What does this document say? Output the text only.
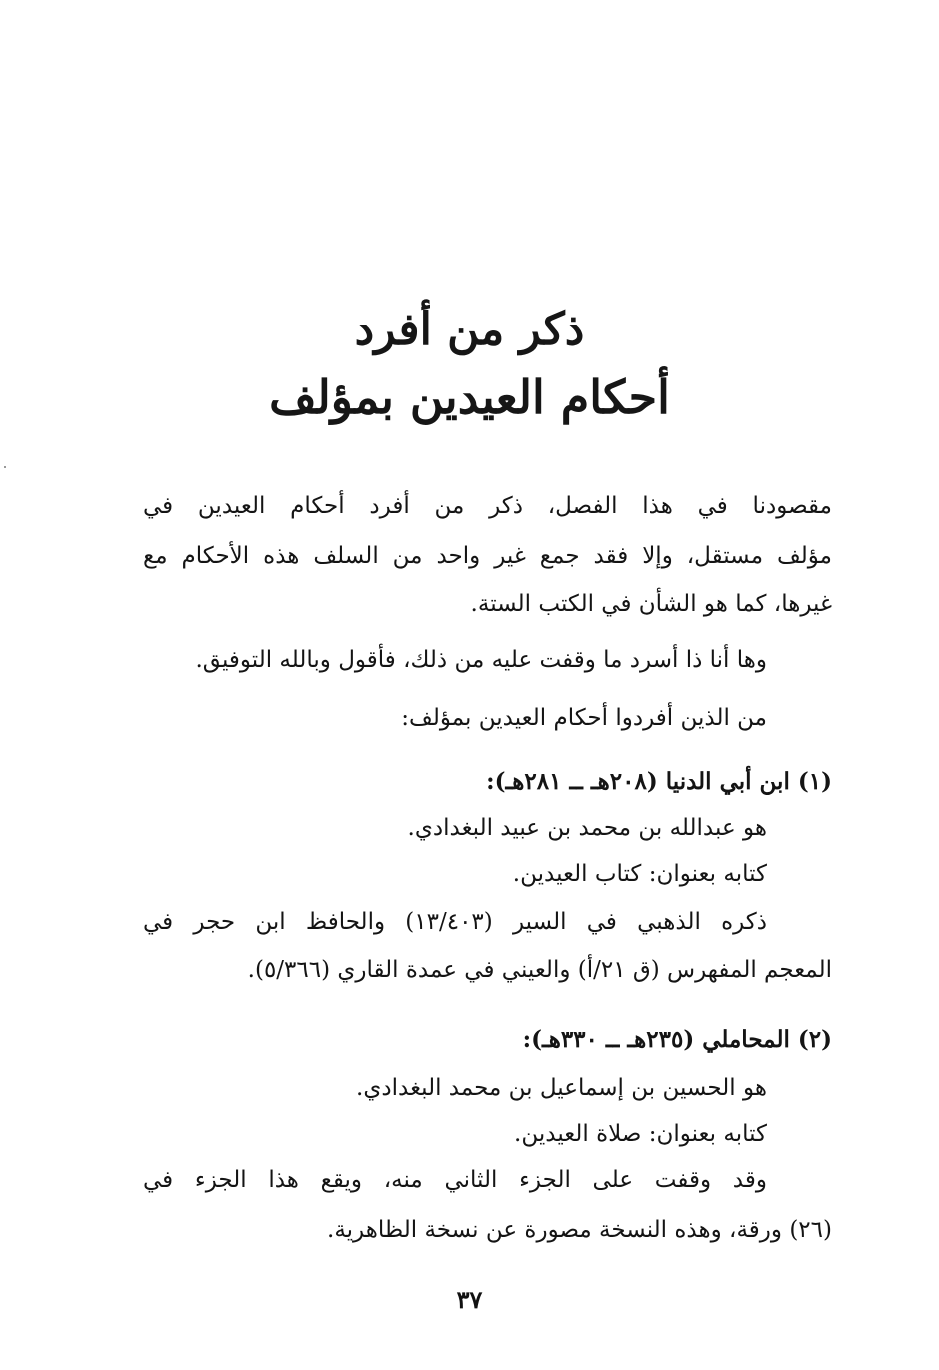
ذكر من أفرد
أحكام العيدين بمؤلف
مقصودنا في هذا الفصل، ذكر من أفرد أحكام العيدين في
مؤلف مستقل، وإلا فقد جمع غير واحد من السلف هذه الأحكام مع
غيرها، كما هو الشأن في الكتب الستة.
وها أنا ذا أسرد ما وقفت عليه من ذلك، فأقول وبالله التوفيق.
من الذين أفردوا أحكام العيدين بمؤلف:
(١) ابن أبي الدنيا (٢٠٨هـ ــ ٢٨١هـ):
هو عبدالله بن محمد بن عبيد البغدادي.
كتابه بعنوان: كتاب العيدين.
ذكره الذهبي في السير (١٣/٤٠٣) والحافظ ابن حجر في
المعجم المفهرس (ق ٢١/أ) والعيني في عمدة القاري (٥/٣٦٦).
(٢) المحاملي (٢٣٥هـ ــ ٣٣٠هـ):
هو الحسين بن إسماعيل بن محمد البغدادي.
كتابه بعنوان: صلاة العيدين.
وقد وقفت على الجزء الثاني منه، ويقع هذا الجزء في
(٢٦) ورقة، وهذه النسخة مصورة عن نسخة الظاهرية.
٣٧
